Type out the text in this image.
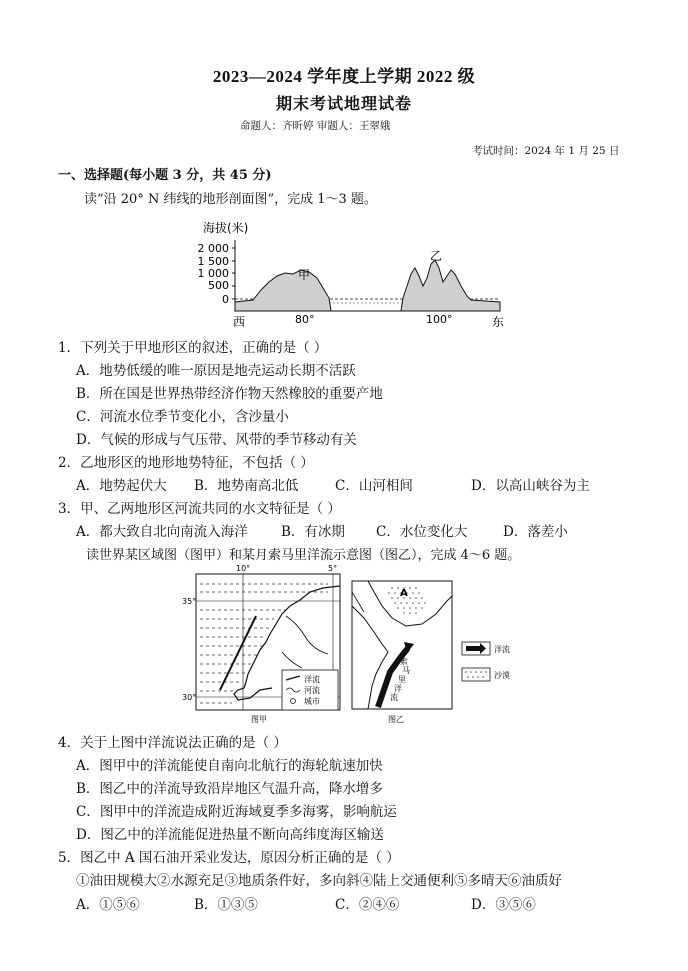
2023—2024 学年度上学期 2022 级
期末考试地理试卷
命题人：齐昕婷 审题人：王翠娥
考试时间：2024 年 1 月 25 日
一、选择题(每小题 3 分，共 45 分)
读“沿 20° N 纬线的地形剖面图”，完成 1～3 题。
海拔(米)
2 000
1 500
1 000
500
0
甲
乙
西	80°	100°	东
1．下列关于甲地形区的叙述，正确的是（ ）
A．地势低缓的唯一原因是地壳运动长期不活跃
B．所在国是世界热带经济作物天然橡胶的重要产地
C．河流水位季节变化小，含沙量小
D．气候的形成与气压带、风带的季节移动有关
2．乙地形区的地形地势特征，不包括（ ）
A．地势起伏大 B．地势南高北低	C．山河相间	D．以高山峡谷为主
3．甲、乙两地形区河流共同的水文特征是（ ）
A．都大致自北向南流入海洋 B．有冰期 C．水位变化大	D．落差小
读世界某区域图（图甲）和某月索马里洋流示意图（图乙），完成 4～6 题。
10°	5°
35°
30°
洋流
河流
城市
图甲
A
索
马
里
洋
流
图乙
洋流
沙漠
4．关于上图中洋流说法正确的是（ ）
A．图甲中的洋流能使自南向北航行的海轮航速加快
B．图乙中的洋流导致沿岸地区气温升高，降水增多
C．图甲中的洋流造成附近海域夏季多海雾，影响航运
D．图乙中的洋流能促进热量不断向高纬度海区输送
5．图乙中 A 国石油开采业发达，原因分析正确的是（ ）
①油田规模大②水源充足③地质条件好，多向斜④陆上交通便利⑤多晴天⑥油质好
A．①⑤⑥	B．①③⑤	C．②④⑥	D．③⑤⑥
